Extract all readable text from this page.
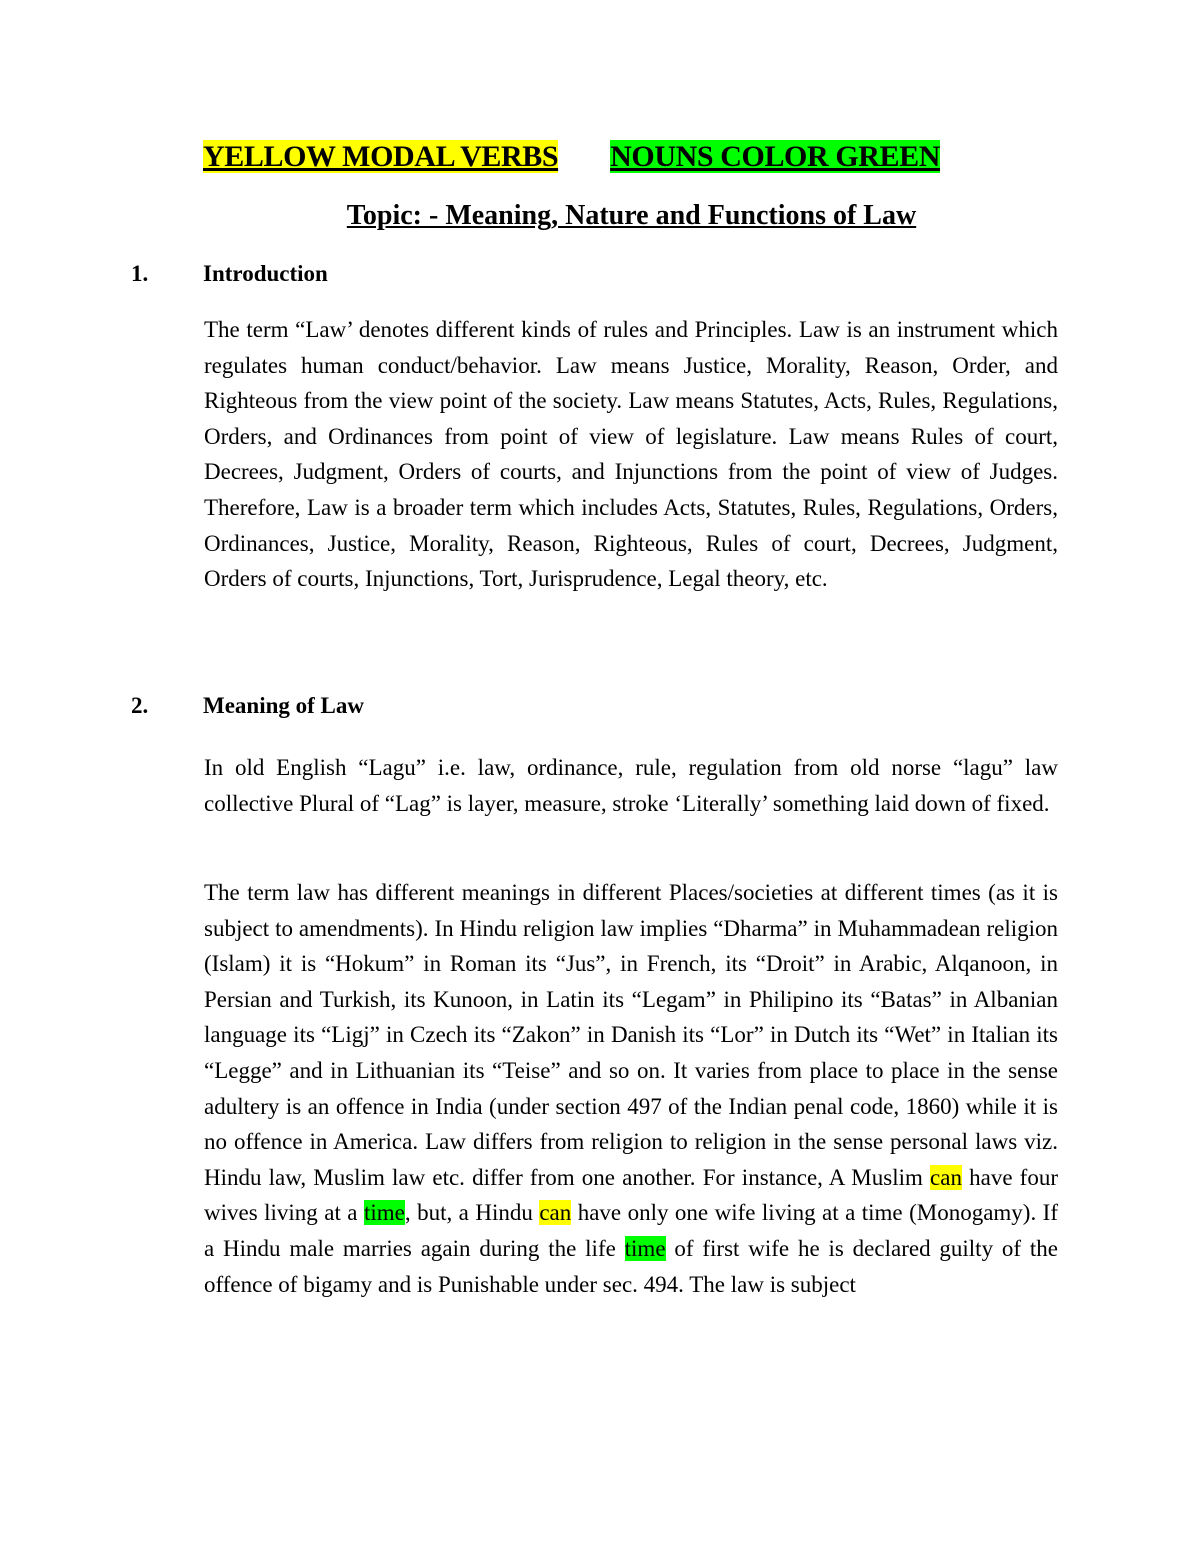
YELLOW MODAL VERBS NOUNS COLOR GREEN
Topic: - Meaning, Nature and Functions of Law
1. Introduction

The term “Law’ denotes different kinds of rules and Principles. Law is an instrument which regulates human conduct/behavior. Law means Justice, Morality, Reason, Order, and Righteous from the view point of the society. Law means Statutes, Acts, Rules, Regulations, Orders, and Ordinances from point of view of legislature. Law means Rules of court, Decrees, Judgment, Orders of courts, and Injunctions from the point of view of Judges. Therefore, Law is a broader term which includes Acts, Statutes, Rules, Regulations, Orders, Ordinances, Justice, Morality, Reason, Righteous, Rules of court, Decrees, Judgment, Orders of courts, Injunctions, Tort, Jurisprudence, Legal theory, etc.

2. Meaning of Law

In old English “Lagu” i.e. law, ordinance, rule, regulation from old norse “lagu” law collective Plural of “Lag” is layer, measure, stroke ‘Literally’ something laid down of fixed.

The term law has different meanings in different Places/societies at different times (as it is subject to amendments). In Hindu religion law implies “Dharma” in Muhammadean religion (Islam) it is “Hokum” in Roman its “Jus”, in French, its “Droit” in Arabic, Alqanoon, in Persian and Turkish, its Kunoon, in Latin its “Legam” in Philipino its “Batas” in Albanian language its “Ligj” in Czech its “Zakon” in Danish its “Lor” in Dutch its “Wet” in Italian its “Legge” and in Lithuanian its “Teise” and so on. It varies from place to place in the sense adultery is an offence in India (under section 497 of the Indian penal code, 1860) while it is no offence in America. Law differs from religion to religion in the sense personal laws viz. Hindu law, Muslim law etc. differ from one another. For instance, A Muslim can have four wives living at a time, but, a Hindu can have only one wife living at a time (Monogamy). If a Hindu male marries again during the life time of first wife he is declared guilty of the offence of bigamy and is Punishable under sec. 494. The law is subject
